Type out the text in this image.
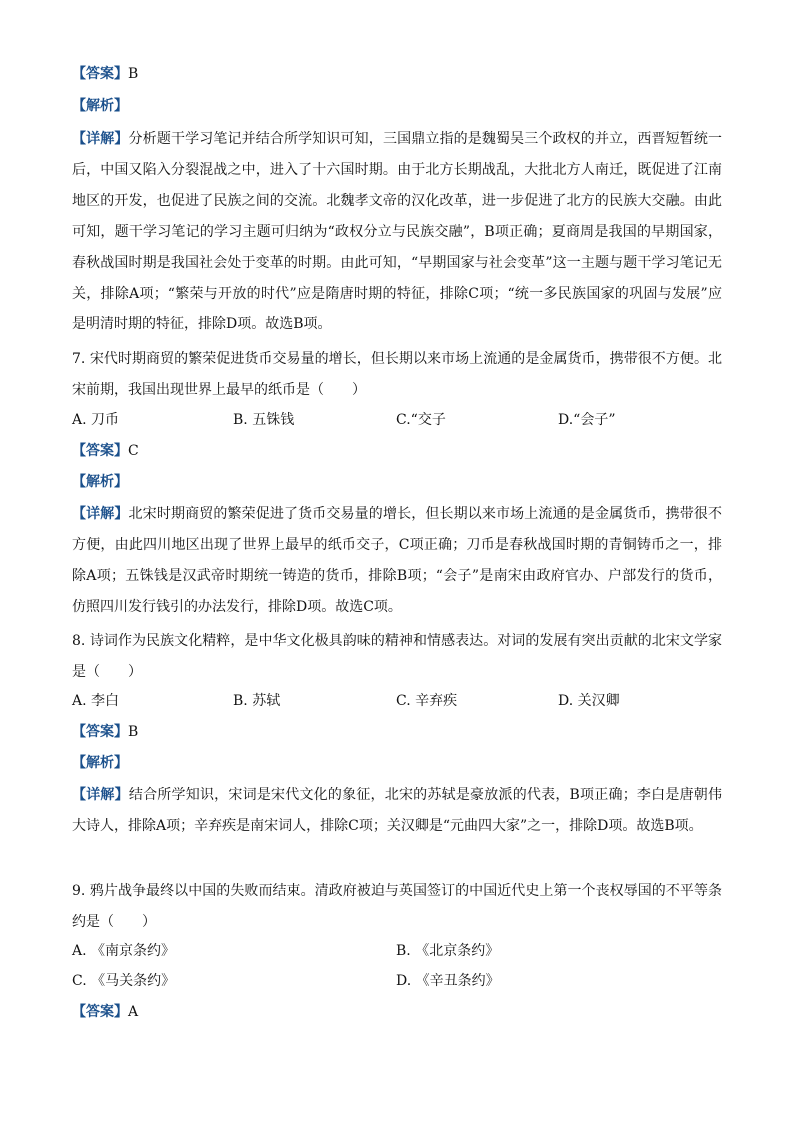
【答案】B
【解析】
【详解】分析题干学习笔记并结合所学知识可知，三国鼎立指的是魏蜀吴三个政权的并立，西晋短暂统一后，中国又陷入分裂混战之中，进入了十六国时期。由于北方长期战乱，大批北方人南迁，既促进了江南地区的开发，也促进了民族之间的交流。北魏孝文帝的汉化改革，进一步促进了北方的民族大交融。由此可知，题干学习笔记的学习主题可归纳为“政权分立与民族交融”，B项正确；夏商周是我国的早期国家，春秋战国时期是我国社会处于变革的时期。由此可知，“早期国家与社会变革”这一主题与题干学习笔记无关，排除A项；“繁荣与开放的时代”应是隋唐时期的特征，排除C项；“统一多民族国家的巩固与发展”应是明清时期的特征，排除D项。故选B项。
7. 宋代时期商贸的繁荣促进货币交易量的增长，但长期以来市场上流通的是金属货币，携带很不方便。北宋前期，我国出现世界上最早的纸币是（　　）
A. 刀币	B. 五铢钱	C.“交子	D.“会子”
【答案】C
【解析】
【详解】北宋时期商贸的繁荣促进了货币交易量的增长，但长期以来市场上流通的是金属货币，携带很不方便，由此四川地区出现了世界上最早的纸币交子，C项正确；刀币是春秋战国时期的青铜铸币之一，排除A项；五铢钱是汉武帝时期统一铸造的货币，排除B项；“会子”是南宋由政府官办、户部发行的货币，仿照四川发行钱引的办法发行，排除D项。故选C项。
8. 诗词作为民族文化精粹，是中华文化极具韵味的精神和情感表达。对词的发展有突出贡献的北宋文学家是（　　）
A. 李白	B. 苏轼	C. 辛弃疾	D. 关汉卿
【答案】B
【解析】
【详解】结合所学知识，宋词是宋代文化的象征，北宋的苏轼是豪放派的代表，B项正确；李白是唐朝伟大诗人，排除A项；辛弃疾是南宋词人，排除C项；关汉卿是“元曲四大家”之一，排除D项。故选B项。
9. 鸦片战争最终以中国的失败而结束。清政府被迫与英国签订的中国近代史上第一个丧权辱国的不平等条约是（　　）
A. 《南京条约》	B. 《北京条约》
C. 《马关条约》	D. 《辛丑条约》
【答案】A
